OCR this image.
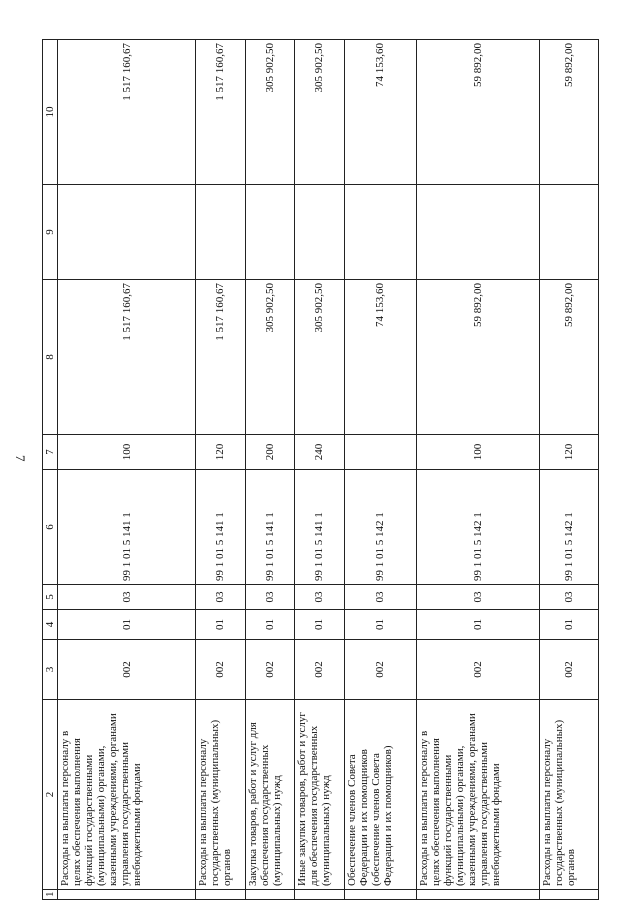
7
1	2	3	4	5	6	7	8	9	10
	Расходы на выплаты персоналу в целях обеспечения выполнения функций государственными (муниципальными) органами, казенными учреждениями, органами управления государственными внебюджетными фондами	002	01	03	99 1 01 5 141 1	100	1 517 160,67		1 517 160,67
	Расходы на выплаты персоналу государственных (муниципальных) органов	002	01	03	99 1 01 5 141 1	120	1 517 160,67		1 517 160,67
	Закупка товаров, работ и услуг для обеспечения государственных (муниципальных) нужд	002	01	03	99 1 01 5 141 1	200	305 902,50		305 902,50
	Иные закупки товаров, работ и услуг для обеспечения государственных (муниципальных) нужд	002	01	03	99 1 01 5 141 1	240	305 902,50		305 902,50
	Обеспечение членов Совета Федерации и их помощников (обеспечение членов Совета Федерации и их помощников)	002	01	03	99 1 01 5 142 1		74 153,60		74 153,60
	Расходы на выплаты персоналу в целях обеспечения выполнения функций государственными (муниципальными) органами, казенными учреждениями, органами управления государственными внебюджетными фондами	002	01	03	99 1 01 5 142 1	100	59 892,00		59 892,00
	Расходы на выплаты персоналу государственных (муниципальных) органов	002	01	03	99 1 01 5 142 1	120	59 892,00		59 892,00
